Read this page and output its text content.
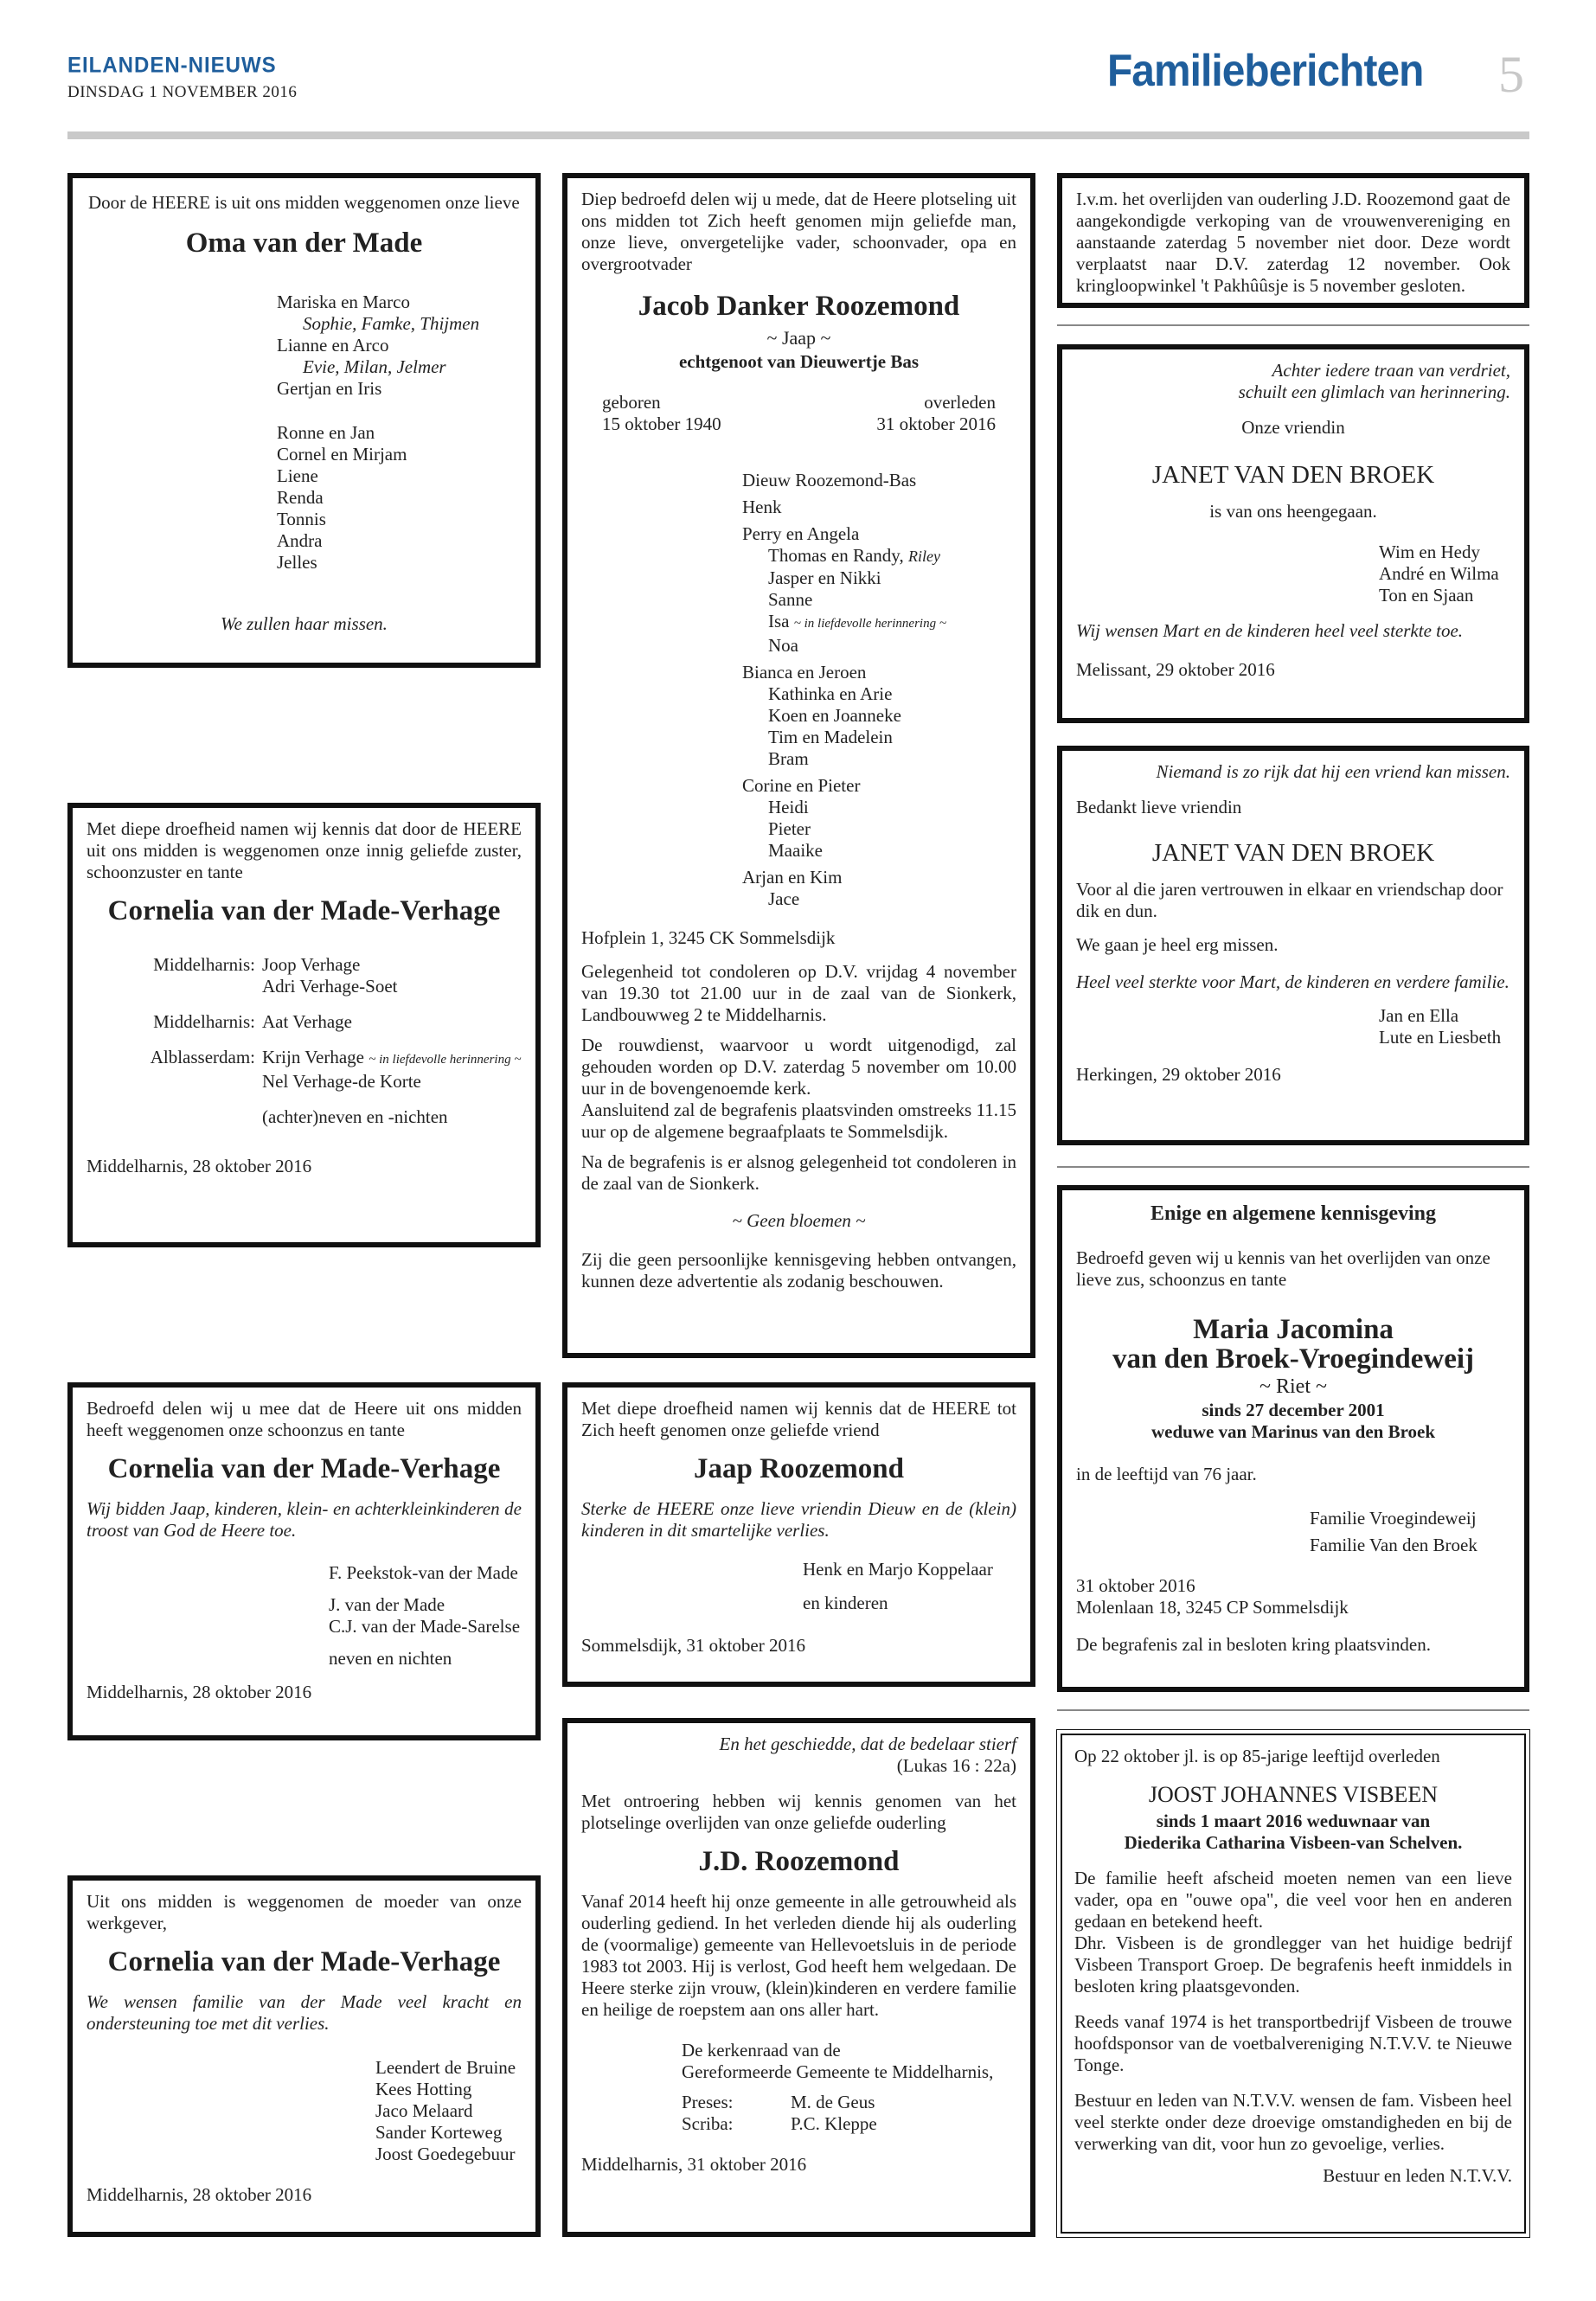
EILANDEN-NIEUWS
DINSDAG 1 NOVEMBER 2016	Familieberichten 5
Door de HEERE is uit ons midden weggenomen onze lieve
Oma van der Made
Mariska en Marco
Sophie, Famke, Thijmen
Lianne en Arco
Evie, Milan, Jelmer
Gertjan en Iris
Ronne en Jan
Cornel en Mirjam
Liene
Renda
Tonnis
Andra
Jelles
We zullen haar missen.
Met diepe droefheid namen wij kennis dat door de HEERE uit ons midden is weggenomen onze innig geliefde zuster, schoonzuster en tante
Cornelia van der Made-Verhage
Middelharnis: Joop Verhage
Adri Verhage-Soet
Middelharnis: Aat Verhage
Alblasserdam: Krijn Verhage ~ in liefdevolle herinnering ~
Nel Verhage-de Korte
(achter)neven en -nichten
Middelharnis, 28 oktober 2016
Bedroefd delen wij u mee dat de Heere uit ons midden heeft weggenomen onze schoonzus en tante
Cornelia van der Made-Verhage
Wij bidden Jaap, kinderen, klein- en achterkleinkinderen de troost van God de Heere toe.
F. Peekstok-van der Made
J. van der Made
C.J. van der Made-Sarelse
neven en nichten
Middelharnis, 28 oktober 2016
Uit ons midden is weggenomen de moeder van onze werkgever,
Cornelia van der Made-Verhage
We wensen familie van der Made veel kracht en ondersteuning toe met dit verlies.
Leendert de Bruine
Kees Hotting
Jaco Melaard
Sander Korteweg
Joost Goedegebuur
Middelharnis, 28 oktober 2016
Diep bedroefd delen wij u mede, dat de Heere plotseling uit ons midden tot Zich heeft genomen mijn geliefde man, onze lieve, onvergetelijke vader, schoonvader, opa en overgrootvader
Jacob Danker Roozemond
~ Jaap ~
echtgenoot van Dieuwertje Bas
geboren
15 oktober 1940
overleden
31 oktober 2016
Dieuw Roozemond-Bas
Henk
Perry en Angela
Thomas en Randy, Riley
Jasper en Nikki
Sanne
Isa ~ in liefdevolle herinnering ~
Noa
Bianca en Jeroen
Kathinka en Arie
Koen en Joanneke
Tim en Madelein
Bram
Corine en Pieter
Heidi
Pieter
Maaike
Arjan en Kim
Jace
Hofplein 1, 3245 CK Sommelsdijk
Gelegenheid tot condoleren op D.V. vrijdag 4 november van 19.30 tot 21.00 uur in de zaal van de Sionkerk, Landbouwweg 2 te Middelharnis.
De rouwdienst, waarvoor u wordt uitgenodigd, zal gehouden worden op D.V. zaterdag 5 november om 10.00 uur in de bovengenoemde kerk.
Aansluitend zal de begrafenis plaatsvinden omstreeks 11.15 uur op de algemene begraafplaats te Sommelsdijk.
Na de begrafenis is er alsnog gelegenheid tot condoleren in de zaal van de Sionkerk.
~ Geen bloemen ~
Zij die geen persoonlijke kennisgeving hebben ontvangen, kunnen deze advertentie als zodanig beschouwen.
Met diepe droefheid namen wij kennis dat de HEERE tot Zich heeft genomen onze geliefde vriend
Jaap Roozemond
Sterke de HEERE onze lieve vriendin Dieuw en de (klein) kinderen in dit smartelijke verlies.
Henk en Marjo Koppelaar
en kinderen
Sommelsdijk, 31 oktober 2016
En het geschiedde, dat de bedelaar stierf
(Lukas 16 : 22a)
Met ontroering hebben wij kennis genomen van het plotselinge overlijden van onze geliefde ouderling
J.D. Roozemond
Vanaf 2014 heeft hij onze gemeente in alle getrouwheid als ouderling gediend. In het verleden diende hij als ouderling de (voormalige) gemeente van Hellevoetsluis in de periode 1983 tot 2003. Hij is verlost, God heeft hem welgedaan. De Heere sterke zijn vrouw, (klein)kinderen en verdere familie en heilige de roepstem aan ons aller hart.
De kerkenraad van de
Gereformeerde Gemeente te Middelharnis,
Preses:	M. de Geus
Scriba:	P.C. Kleppe
Middelharnis, 31 oktober 2016
I.v.m. het overlijden van ouderling J.D. Roozemond gaat de aangekondigde verkoping van de vrouwenvereniging en aanstaande zaterdag 5 november niet door. Deze wordt verplaatst naar D.V. zaterdag 12 november. Ook kringloopwinkel 't Pakhûûsje is 5 november gesloten.
Achter iedere traan van verdriet,
schuilt een glimlach van herinnering.
Onze vriendin
JANET VAN DEN BROEK
is van ons heengegaan.
Wim en Hedy
André en Wilma
Ton en Sjaan
Wij wensen Mart en de kinderen heel veel sterkte toe.
Melissant, 29 oktober 2016
Niemand is zo rijk dat hij een vriend kan missen.
Bedankt lieve vriendin
JANET VAN DEN BROEK
Voor al die jaren vertrouwen in elkaar en vriendschap door dik en dun.
We gaan je heel erg missen.
Heel veel sterkte voor Mart, de kinderen en verdere familie.
Jan en Ella
Lute en Liesbeth
Herkingen, 29 oktober 2016
Enige en algemene kennisgeving
Bedroefd geven wij u kennis van het overlijden van onze lieve zus, schoonzus en tante
Maria Jacomina
van den Broek-Vroegindeweij
~ Riet ~
sinds 27 december 2001
weduwe van Marinus van den Broek
in de leeftijd van 76 jaar.
Familie Vroegindeweij
Familie Van den Broek
31 oktober 2016
Molenlaan 18, 3245 CP Sommelsdijk
De begrafenis zal in besloten kring plaatsvinden.
Op 22 oktober jl. is op 85-jarige leeftijd overleden
JOOST JOHANNES VISBEEN
sinds 1 maart 2016 weduwnaar van
Diederika Catharina Visbeen-van Schelven.
De familie heeft afscheid moeten nemen van een lieve vader, opa en "ouwe opa", die veel voor hen en anderen gedaan en betekend heeft.
Dhr. Visbeen is de grondlegger van het huidige bedrijf Visbeen Transport Groep. De begrafenis heeft inmiddels in besloten kring plaatsgevonden.
Reeds vanaf 1974 is het transportbedrijf Visbeen de trouwe hoofdsponsor van de voetbalvereniging N.T.V.V. te Nieuwe Tonge.
Bestuur en leden van N.T.V.V. wensen de fam. Visbeen heel veel sterkte onder deze droevige omstandigheden en bij de verwerking van dit, voor hun zo gevoelige, verlies.
Bestuur en leden N.T.V.V.
